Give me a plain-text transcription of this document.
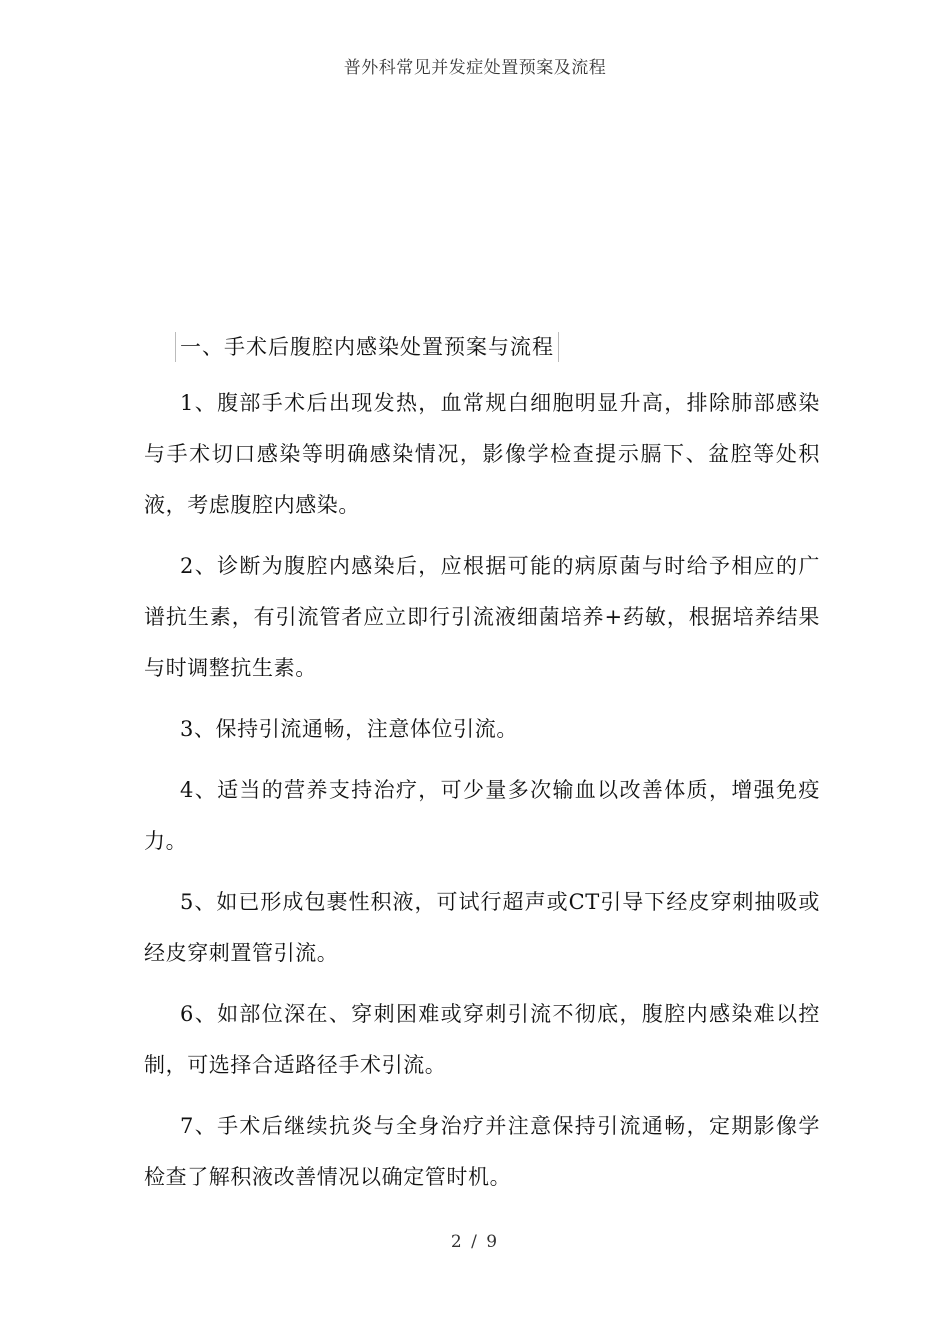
普外科常见并发症处置预案及流程
一、手术后腹腔内感染处置预案与流程

1、腹部手术后出现发热，血常规白细胞明显升高，排除肺部感染与手术切口感染等明确感染情况，影像学检查提示膈下、盆腔等处积液，考虑腹腔内感染。

2、诊断为腹腔内感染后，应根据可能的病原菌与时给予相应的广谱抗生素，有引流管者应立即行引流液细菌培养+药敏，根据培养结果与时调整抗生素。

3、保持引流通畅，注意体位引流。

4、适当的营养支持治疗，可少量多次输血以改善体质，增强免疫力。

5、如已形成包裹性积液，可试行超声或CT引导下经皮穿刺抽吸或经皮穿刺置管引流。

6、如部位深在、穿刺困难或穿刺引流不彻底，腹腔内感染难以控制，可选择合适路径手术引流。

7、手术后继续抗炎与全身治疗并注意保持引流通畅，定期影像学检查了解积液改善情况以确定管时机。

2 / 9
